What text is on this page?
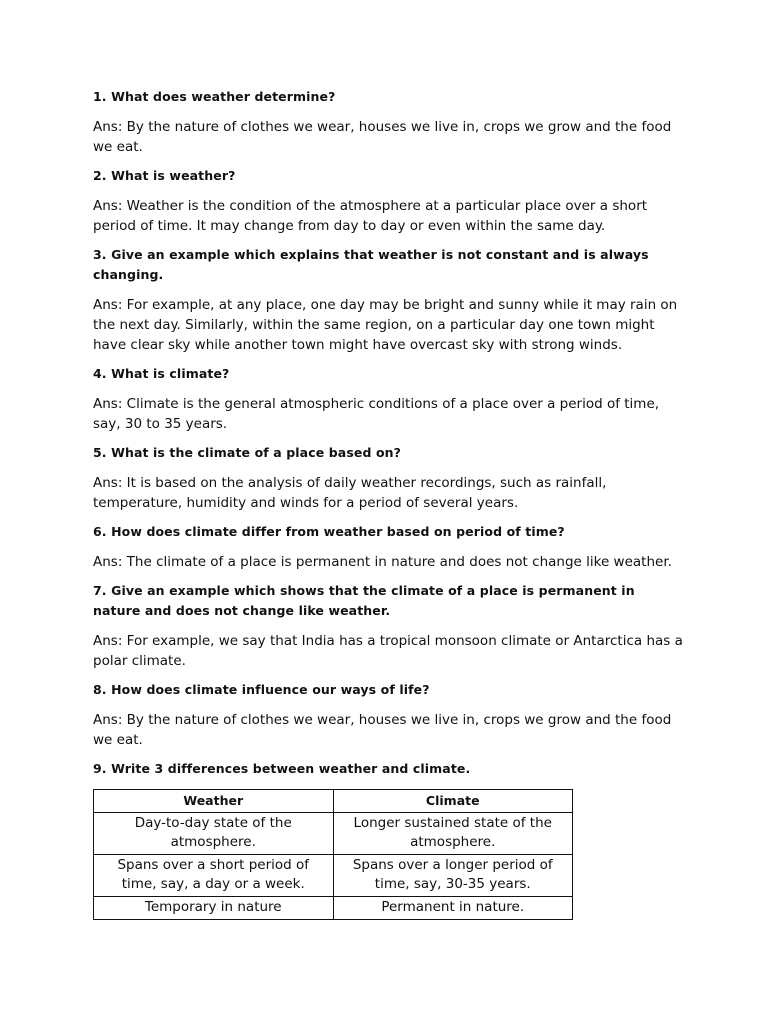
1. What does weather determine?

Ans: By the nature of clothes we wear, houses we live in, crops we grow and the food we eat.

2. What is weather?

Ans: Weather is the condition of the atmosphere at a particular place over a short period of time. It may change from day to day or even within the same day.

3. Give an example which explains that weather is not constant and is always changing.

Ans: For example, at any place, one day may be bright and sunny while it may rain on the next day. Similarly, within the same region, on a particular day one town might have clear sky while another town might have overcast sky with strong winds.

4. What is climate?

Ans: Climate is the general atmospheric conditions of a place over a period of time, say, 30 to 35 years.

5. What is the climate of a place based on?

Ans: It is based on the analysis of daily weather recordings, such as rainfall, temperature, humidity and winds for a period of several years.

6. How does climate differ from weather based on period of time?

Ans: The climate of a place is permanent in nature and does not change like weather.

7. Give an example which shows that the climate of a place is permanent in nature and does not change like weather.

Ans: For example, we say that India has a tropical monsoon climate or Antarctica has a polar climate.

8. How does climate influence our ways of life?

Ans: By the nature of clothes we wear, houses we live in, crops we grow and the food we eat.

9. Write 3 differences between weather and climate.

Weather	Climate
Day-to-day state of the atmosphere.	Longer sustained state of the atmosphere.
Spans over a short period of time, say, a day or a week.	Spans over a longer period of time, say, 30-35 years.
Temporary in nature	Permanent in nature.
